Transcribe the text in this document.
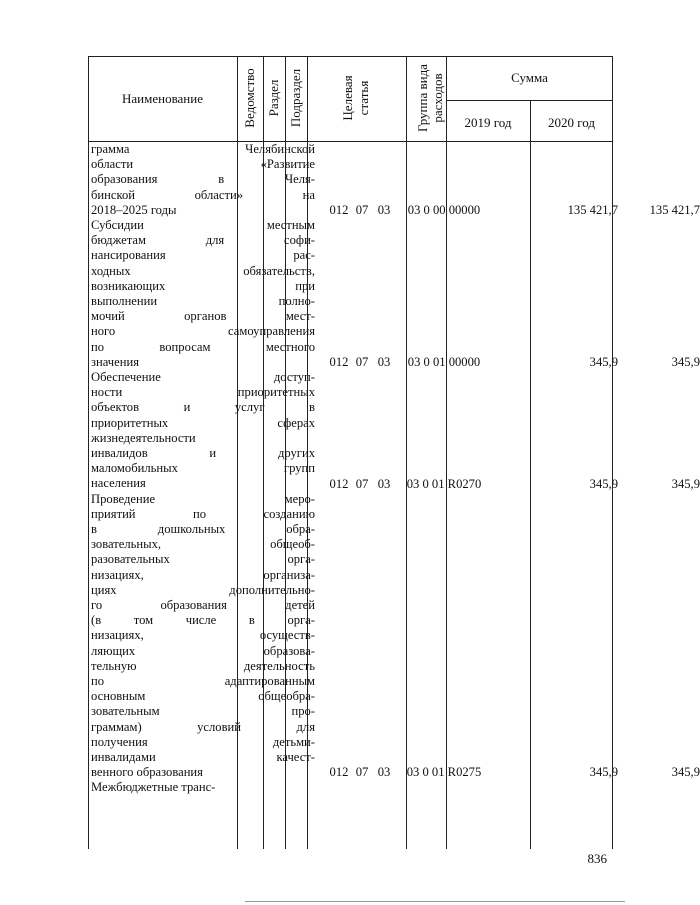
Наименование	Ведомство Раздел Подраздел	Целевая статья	Группа вида расходов	Сумма
2019 год	2020 год
грамма Челябинской
области «Развитие
образования в Челя-
бинской области» на
2018–2025 годы	012 07 03	03 0 00 00000	135 421,7	135 421,7
Субсидии местным
бюджетам для софи-
нансирования рас-
ходных обязательств,
возникающих при
выполнении полно-
мочий органов мест-
ного самоуправления
по вопросам местного
значения	012 07 03	03 0 01 00000	345,9	345,9
Обеспечение доступ-
ности приоритетных
объектов и услуг в
приоритетных сферах
жизнедеятельности
инвалидов и других
маломобильных групп
населения	012 07 03	03 0 01 R0270	345,9	345,9
Проведение меро-
приятий по созданию
в дошкольных обра-
зовательных, общеоб-
разовательных орга-
низациях, организа-
циях дополнительно-
го образования детей
(в том числе в орга-
низациях, осуществ-
ляющих образова-
тельную деятельность
по адаптированным
основным общеобра-
зовательным про-
граммам) условий для
получения детьми-
инвалидами качест-
венного образования	012 07 03	03 0 01 R0275	345,9	345,9
Межбюджетные транс-
836
